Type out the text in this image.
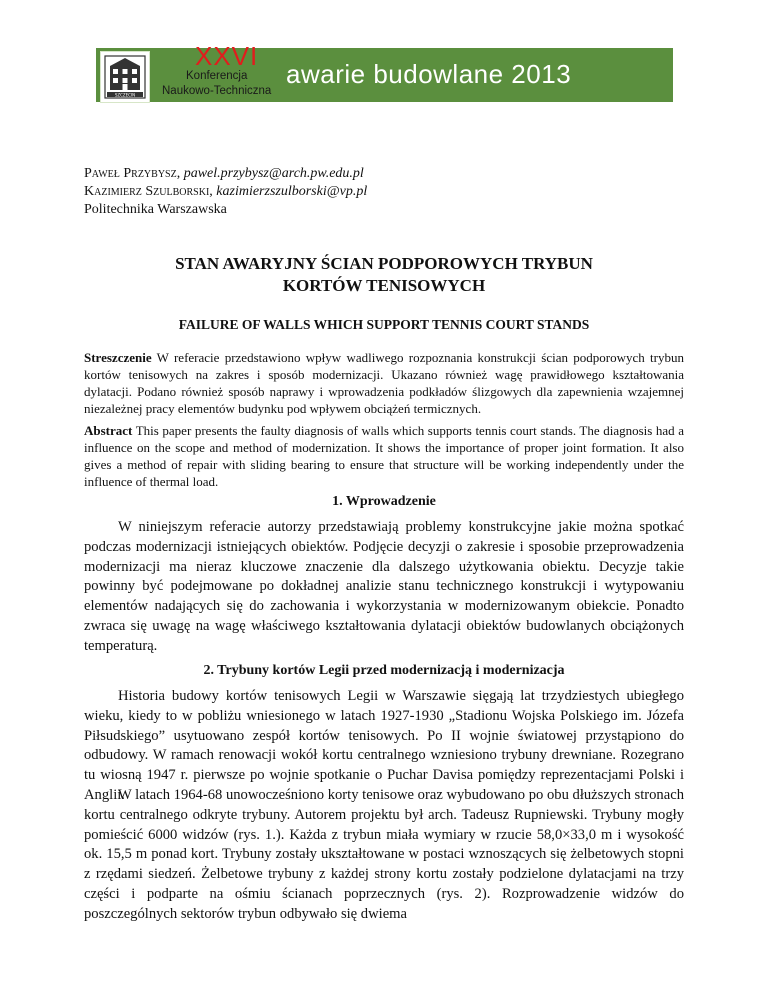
SZCZECIN
XXVI
Konferencja
Naukowo-Techniczna
awarie budowlane 2013
Paweł Przybysz, pawel.przybysz@arch.pw.edu.pl
Kazimierz Szulborski, kazimierzszulborski@vp.pl
Politechnika Warszawska
STAN AWARYJNY ŚCIAN PODPOROWYCH TRYBUN
KORTÓW TENISOWYCH
FAILURE OF WALLS WHICH SUPPORT TENNIS COURT STANDS
Streszczenie W referacie przedstawiono wpływ wadliwego rozpoznania konstrukcji ścian podporowych trybun kortów tenisowych na zakres i sposób modernizacji. Ukazano również wagę prawidłowego kształtowania dylatacji. Podano również sposób naprawy i wprowadzenia podkładów ślizgowych dla zapewnienia wzajemnej niezależnej pracy elementów budynku pod wpływem obciążeń termicznych.
Abstract This paper presents the faulty diagnosis of walls which supports tennis court stands. The diagnosis had a influence on the scope and method of modernization. It shows the importance of proper joint formation. It also gives a method of repair with sliding bearing to ensure that structure will be working independently under the influence of thermal load.
1. Wprowadzenie
W niniejszym referacie autorzy przedstawiają problemy konstrukcyjne jakie można spotkać podczas modernizacji istniejących obiektów. Podjęcie decyzji o zakresie i sposobie przeprowadzenia modernizacji ma nieraz kluczowe znaczenie dla dalszego użytkowania obiektu. Decyzje takie powinny być podejmowane po dokładnej analizie stanu technicznego konstrukcji i wytypowaniu elementów nadających się do zachowania i wykorzystania w modernizowanym obiekcie. Ponadto zwraca się uwagę na wagę właściwego kształtowania dylatacji obiektów budowlanych obciążonych temperaturą.
2. Trybuny kortów Legii przed modernizacją i modernizacja
Historia budowy kortów tenisowych Legii w Warszawie sięgają lat trzydziestych ubiegłego wieku, kiedy to w pobliżu wniesionego w latach 1927-1930 „Stadionu Wojska Polskiego im. Józefa Piłsudskiego” usytuowano zespół kortów tenisowych. Po II wojnie światowej przystąpiono do odbudowy. W ramach renowacji wokół kortu centralnego wzniesiono trybuny drewniane. Rozegrano tu wiosną 1947 r. pierwsze po wojnie spotkanie o Puchar Davisa pomiędzy reprezentacjami Polski i Anglii.
W latach 1964-68 unowocześniono korty tenisowe oraz wybudowano po obu dłuższych stronach kortu centralnego odkryte trybuny. Autorem projektu był arch. Tadeusz Rupniewski. Trybuny mogły pomieścić 6000 widzów (rys. 1.). Każda z trybun miała wymiary w rzucie 58,0×33,0 m i wysokość ok. 15,5 m ponad kort. Trybuny zostały ukształtowane w postaci wznoszących się żelbetowych stopni z rzędami siedzeń. Żelbetowe trybuny z każdej strony kortu zostały podzielone dylatacjami na trzy części i podparte na ośmiu ścianach poprzecznych (rys. 2). Rozprowadzenie widzów do poszczególnych sektorów trybun odbywało się dwiema
